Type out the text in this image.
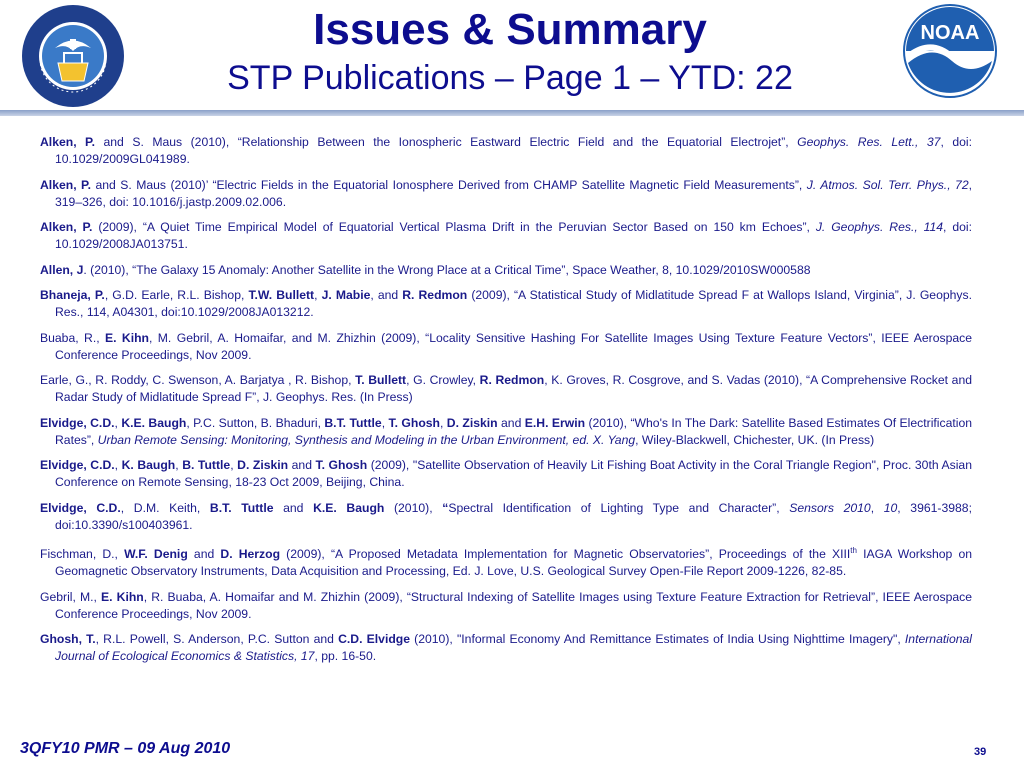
NOAA
Issues & Summary
STP Publications – Page 1 – YTD: 22

Alken, P. and S. Maus (2010), “Relationship Between the Ionospheric Eastward Electric Field and the Equatorial Electrojet”, Geophys. Res. Lett., 37, doi: 10.1029/2009GL041989.

Alken, P. and S. Maus (2010)’ “Electric Fields in the Equatorial Ionosphere Derived from CHAMP Satellite Magnetic Field Measurements”, J. Atmos. Sol. Terr. Phys., 72, 319–326, doi: 10.1016/j.jastp.2009.02.006.

Alken, P. (2009), “A Quiet Time Empirical Model of Equatorial Vertical Plasma Drift in the Peruvian Sector Based on 150 km Echoes”, J. Geophys. Res., 114, doi: 10.1029/2008JA013751.

Allen, J. (2010), “The Galaxy 15 Anomaly: Another Satellite in the Wrong Place at a Critical Time”, Space Weather, 8, 10.1029/2010SW000588

Bhaneja, P., G.D. Earle, R.L. Bishop, T.W. Bullett, J. Mabie, and R. Redmon (2009), “A Statistical Study of Midlatitude Spread F at Wallops Island, Virginia”, J. Geophys. Res., 114, A04301, doi:10.1029/2008JA013212.

Buaba, R., E. Kihn, M. Gebril, A. Homaifar, and M. Zhizhin (2009), “Locality Sensitive Hashing For Satellite Images Using Texture Feature Vectors”, IEEE Aerospace Conference Proceedings, Nov 2009.

Earle, G., R. Roddy, C. Swenson, A. Barjatya , R. Bishop, T. Bullett, G. Crowley, R. Redmon, K. Groves, R. Cosgrove, and S. Vadas (2010), “A Comprehensive Rocket and Radar Study of Midlatitude Spread F”, J. Geophys. Res. (In Press)

Elvidge, C.D., K.E. Baugh, P.C. Sutton, B. Bhaduri, B.T. Tuttle, T. Ghosh, D. Ziskin and E.H. Erwin (2010), “Who's In The Dark: Satellite Based Estimates Of Electrification Rates”, Urban Remote Sensing: Monitoring, Synthesis and Modeling in the Urban Environment, ed. X. Yang, Wiley-Blackwell, Chichester, UK. (In Press)

Elvidge, C.D., K. Baugh, B. Tuttle, D. Ziskin and T. Ghosh (2009), "Satellite Observation of Heavily Lit Fishing Boat Activity in the Coral Triangle Region", Proc. 30th Asian Conference on Remote Sensing, 18-23 Oct 2009, Beijing, China.

Elvidge, C.D., D.M. Keith, B.T. Tuttle and K.E. Baugh (2010), “Spectral Identification of Lighting Type and Character”, Sensors 2010, 10, 3961-3988; doi:10.3390/s100403961.

Fischman, D., W.F. Denig and D. Herzog (2009), “A Proposed Metadata Implementation for Magnetic Observatories”, Proceedings of the XIIIth IAGA Workshop on Geomagnetic Observatory Instruments, Data Acquisition and Processing, Ed. J. Love, U.S. Geological Survey Open-File Report 2009-1226, 82-85.

Gebril, M., E. Kihn, R. Buaba, A. Homaifar and M. Zhizhin (2009), “Structural Indexing of Satellite Images using Texture Feature Extraction for Retrieval”, IEEE Aerospace Conference Proceedings, Nov 2009.

Ghosh, T., R.L. Powell, S. Anderson, P.C. Sutton and C.D. Elvidge (2010), "Informal Economy And Remittance Estimates of India Using Nighttime Imagery", International Journal of Ecological Economics & Statistics, 17, pp. 16-50.

3QFY10 PMR – 09 Aug 2010	39
